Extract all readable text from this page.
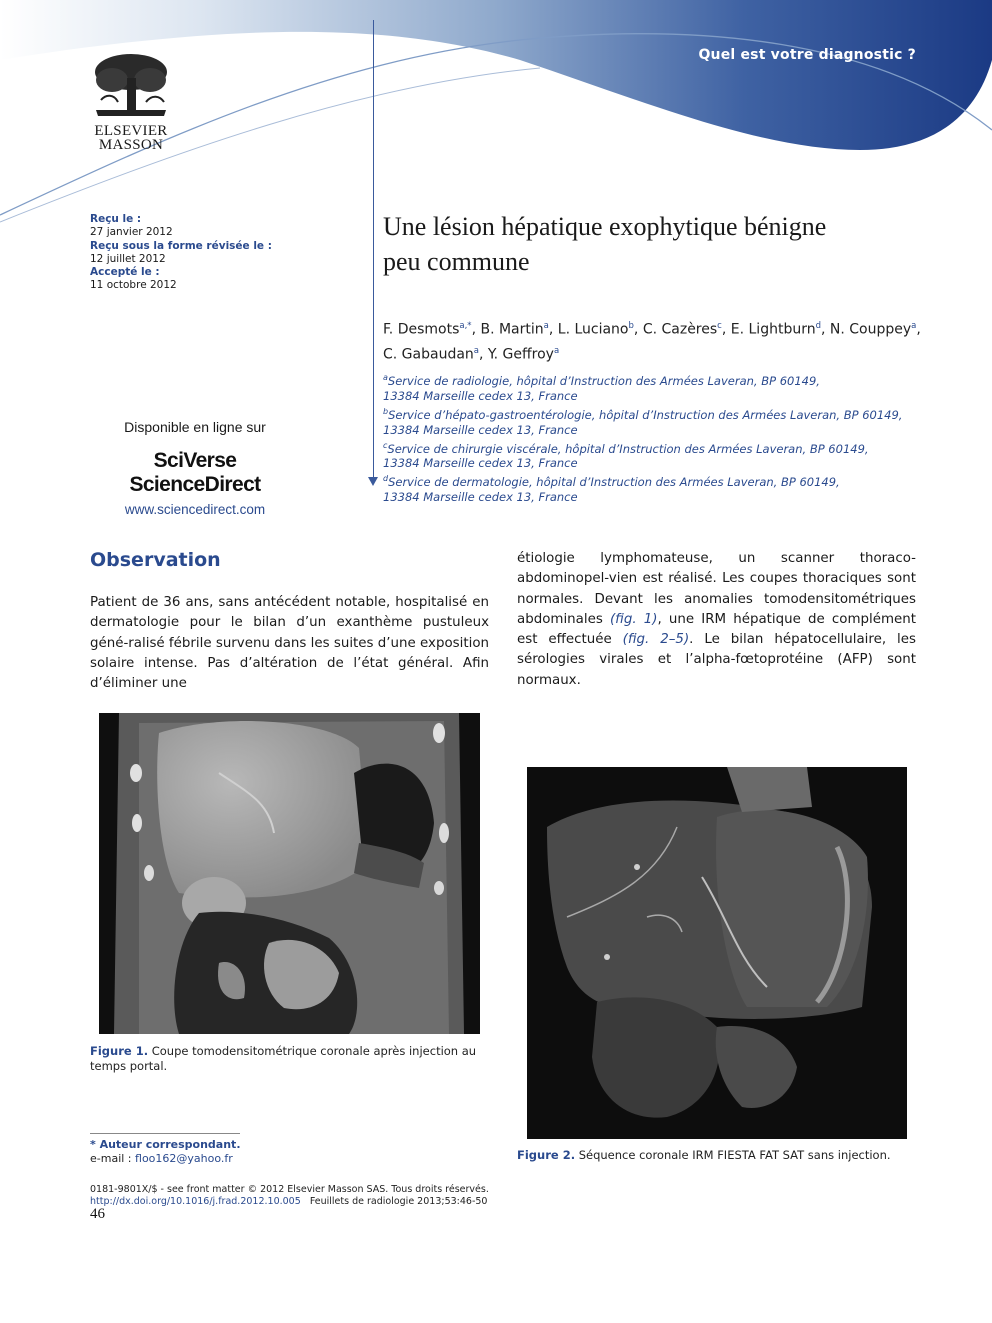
Quel est votre diagnostic ?
ELSEVIER
MASSON
Reçu le :
27 janvier 2012
Reçu sous la forme révisée le :
12 juillet 2012
Accepté le :
11 octobre 2012
Disponible en ligne sur
SciVerse ScienceDirect
www.sciencedirect.com
Une lésion hépatique exophytique bénigne
peu commune
F. Desmots$^{a,*}$, B. Martin$^a$, L. Luciano$^b$, C. Cazères$^c$, E. Lightburn$^d$, N. Couppey$^a$,
C. Gabaudan$^a$, Y. Geffroy$^a$
$^a$Service de radiologie, hôpital d’Instruction des Armées Laveran, BP 60149,
13384 Marseille cedex 13, France
$^b$Service d’hépato-gastroentérologie, hôpital d’Instruction des Armées Laveran, BP 60149,
13384 Marseille cedex 13, France
$^c$Service de chirurgie viscérale, hôpital d’Instruction des Armées Laveran, BP 60149,
13384 Marseille cedex 13, France
$^d$Service de dermatologie, hôpital d’Instruction des Armées Laveran, BP 60149,
13384 Marseille cedex 13, France
Observation
Patient de 36 ans, sans antécédent notable, hospitalisé en dermatologie pour le bilan d’un exanthème pustuleux géné-ralisé fébrile survenu dans les suites d’une exposition solaire intense. Pas d’altération de l’état général. Afin d’éliminer une
étiologie lymphomateuse, un scanner thoraco-abdominopel-vien est réalisé. Les coupes thoraciques sont normales. Devant les anomalies tomodensitométriques abdominales (fig. 1), une IRM hépatique de complément est effectuée (fig. 2–5). Le bilan hépatocellulaire, les sérologies virales et l’alpha-fœtoprotéine (AFP) sont normaux.
Figure 1. Coupe tomodensitométrique coronale après injection au temps portal.
Figure 2. Séquence coronale IRM FIESTA FAT SAT sans injection.
* Auteur correspondant.
e-mail : floo162@yahoo.fr
0181-9801X/$ - see front matter © 2012 Elsevier Masson SAS. Tous droits réservés.
http://dx.doi.org/10.1016/j.frad.2012.10.005 Feuillets de radiologie 2013;53:46-50
46
